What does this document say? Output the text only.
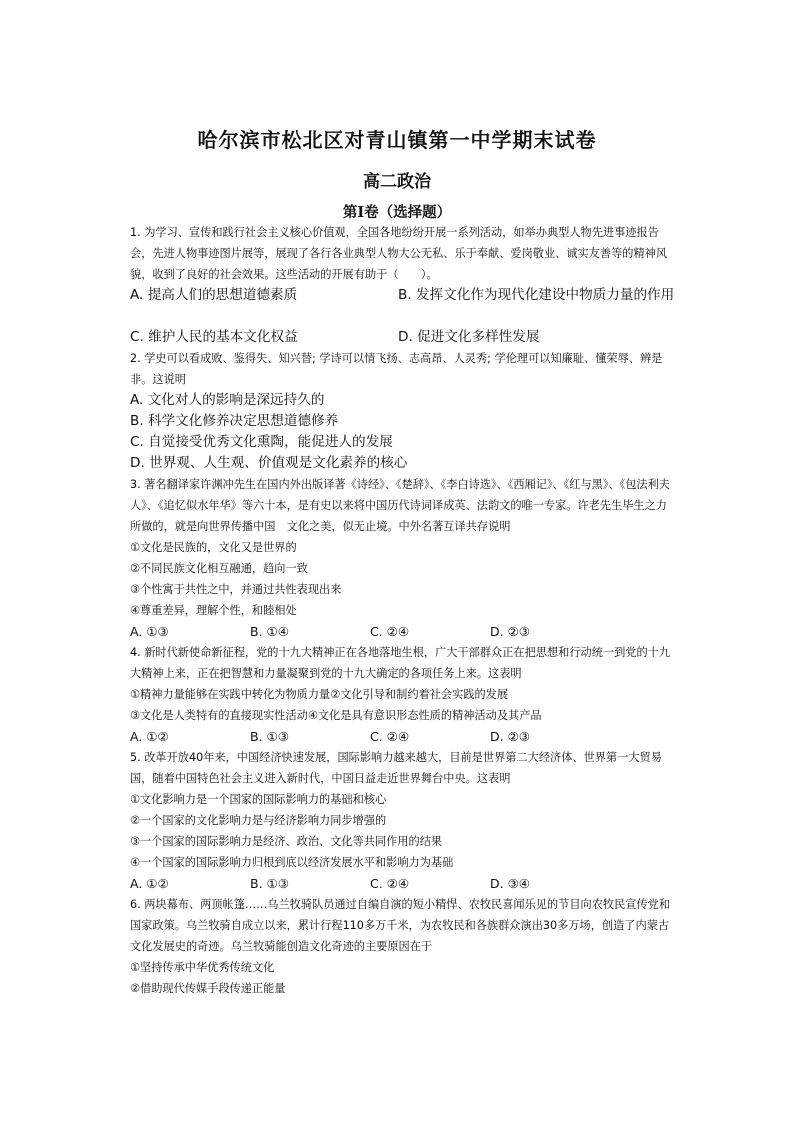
哈尔滨市松北区对青山镇第一中学期末试卷
高二政治
第Ⅰ卷（选择题）
1. 为学习、宣传和践行社会主义核心价值观，全国各地纷纷开展一系列活动，如举办典型人物先进事迹报告会，先进人物事迹图片展等，展现了各行各业典型人物大公无私、乐于奉献、爱岗敬业、诚实友善等的精神风貌，收到了良好的社会效果。这些活动的开展有助于（　　）。
A. 提高人们的思想道德素质	B. 发挥文化作为现代化建设中物质力量的作用
C. 维护人民的基本文化权益	D. 促进文化多样性发展
2. 学史可以看成败、鉴得失、知兴替; 学诗可以情飞扬、志高昂、人灵秀; 学伦理可以知廉耻、懂荣辱、辨是非。这说明
A. 文化对人的影响是深远持久的
B. 科学文化修养决定思想道德修养
C. 自觉接受优秀文化熏陶，能促进人的发展
D. 世界观、人生观、价值观是文化素养的核心
3. 著名翻译家许渊冲先生在国内外出版译著《诗经》、《楚辞》、《李白诗选》、《西厢记》、《红与黑》、《包法利夫人》、《追忆似水年华》等六十本，是有史以来将中国历代诗词译成英、法韵文的唯一专家。许老先生毕生之力所做的，就是向世界传播中国　文化之美，似无止境。中外名著互译共存说明
①文化是民族的，文化又是世界的
②不同民族文化相互融通，趋向一致
③个性寓于共性之中，并通过共性表现出来
④尊重差异，理解个性，和睦相处
A. ①③	B. ①④	C. ②④	D. ②③
4. 新时代新使命新征程，党的十九大精神正在各地落地生根，广大干部群众正在把思想和行动统一到党的十九大精神上来，正在把智慧和力量凝聚到党的十九大确定的各项任务上来。这表明
①精神力量能够在实践中转化为物质力量②文化引导和制约着社会实践的发展
③文化是人类特有的直接现实性活动④文化是具有意识形态性质的精神活动及其产品
A. ①②	B. ①③	C. ②④	D. ②③
5. 改革开放40年来，中国经济快速发展，国际影响力越来越大，目前是世界第二大经济体、世界第一大贸易国，随着中国特色社会主义进入新时代，中国日益走近世界舞台中央。这表明
①文化影响力是一个国家的国际影响力的基础和核心
②一个国家的文化影响力是与经济影响力同步增强的
③一个国家的国际影响力是经济、政治、文化等共同作用的结果
④一个国家的国际影响力归根到底以经济发展水平和影响力为基础
A. ①②	B. ①③	C. ②④	D. ③④
6. 两块幕布、两顶帐篷……乌兰牧骑队员通过自编自演的短小精悍、农牧民喜闻乐见的节目向农牧民宣传党和国家政策。乌兰牧骑自成立以来，累计行程110多万千米，为农牧民和各族群众演出30多万场，创造了内蒙古文化发展史的奇迹。乌兰牧骑能创造文化奇迹的主要原因在于
①坚持传承中华优秀传统文化
②借助现代传媒手段传递正能量
